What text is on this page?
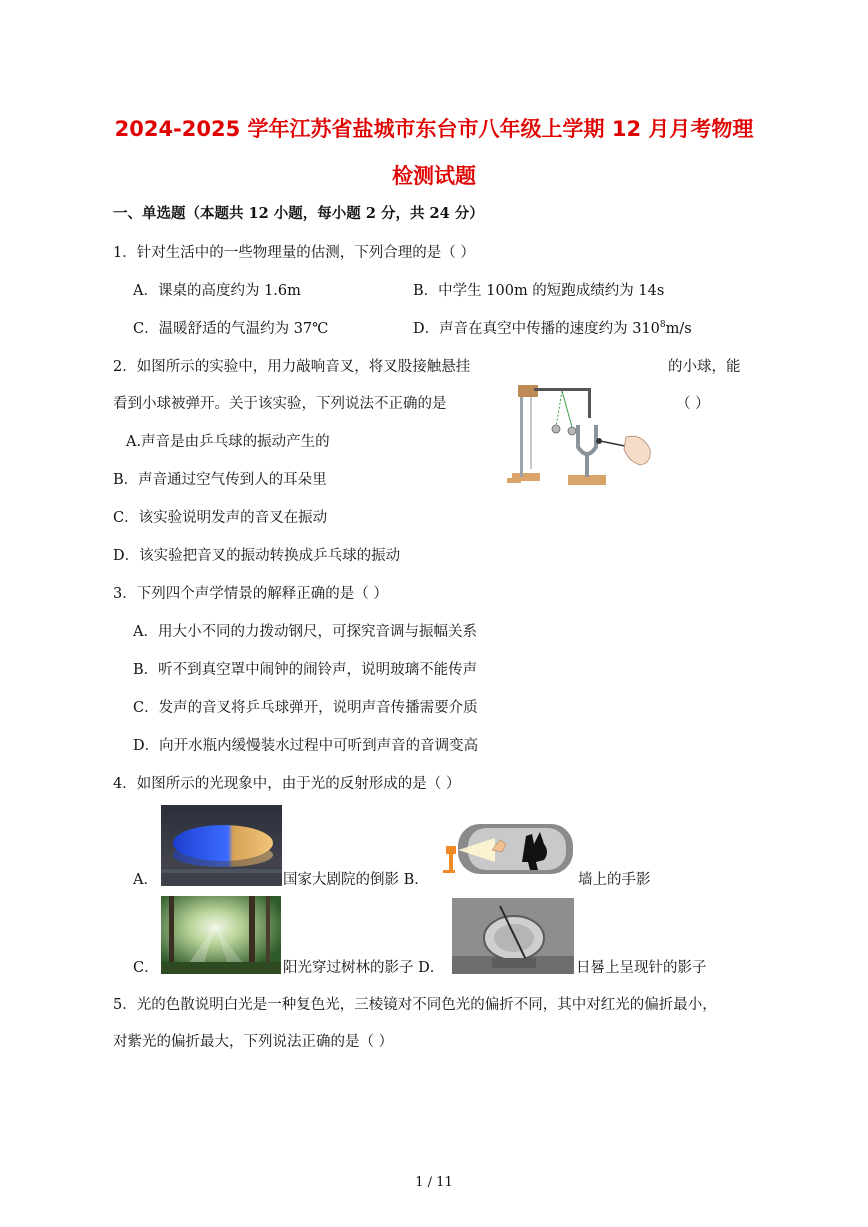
2024-2025 学年江苏省盐城市东台市八年级上学期 12 月月考物理
检测试题
一、单选题（本题共 12 小题，每小题 2 分，共 24 分）
1．针对生活中的一些物理量的估测，下列合理的是（ ）
A．课桌的高度约为 1.6m	B．中学生 100m 的短跑成绩约为 14s
C．温暖舒适的气温约为 37℃	D．声音在真空中传播的速度约为 $310^8m/s$
2．如图所示的实验中，用力敲响音叉，将叉股接触悬挂	的小球，能
看到小球被弹开。关于该实验，下列说法不正确的是	（ ）
A.声音是由乒乓球的振动产生的
B．声音通过空气传到人的耳朵里
C．该实验说明发声的音叉在振动
D．该实验把音叉的振动转换成乒乓球的振动
3．下列四个声学情景的解释正确的是（ ）
A．用大小不同的力拨动钢尺，可探究音调与振幅关系
B．听不到真空罩中闹钟的闹铃声，说明玻璃不能传声
C．发声的音叉将乒乓球弹开，说明声音传播需要介质
D．向开水瓶内缓慢装水过程中可听到声音的音调变高
4．如图所示的光现象中，由于光的反射形成的是（ ）
A．	国家大剧院的倒影 B．	墙上的手影
C．	阳光穿过树林的影子 D．	日晷上呈现针的影子
5．光的色散说明白光是一种复色光，三棱镜对不同色光的偏折不同，其中对红光的偏折最小，
对紫光的偏折最大，下列说法正确的是（ ）
1 / 11
